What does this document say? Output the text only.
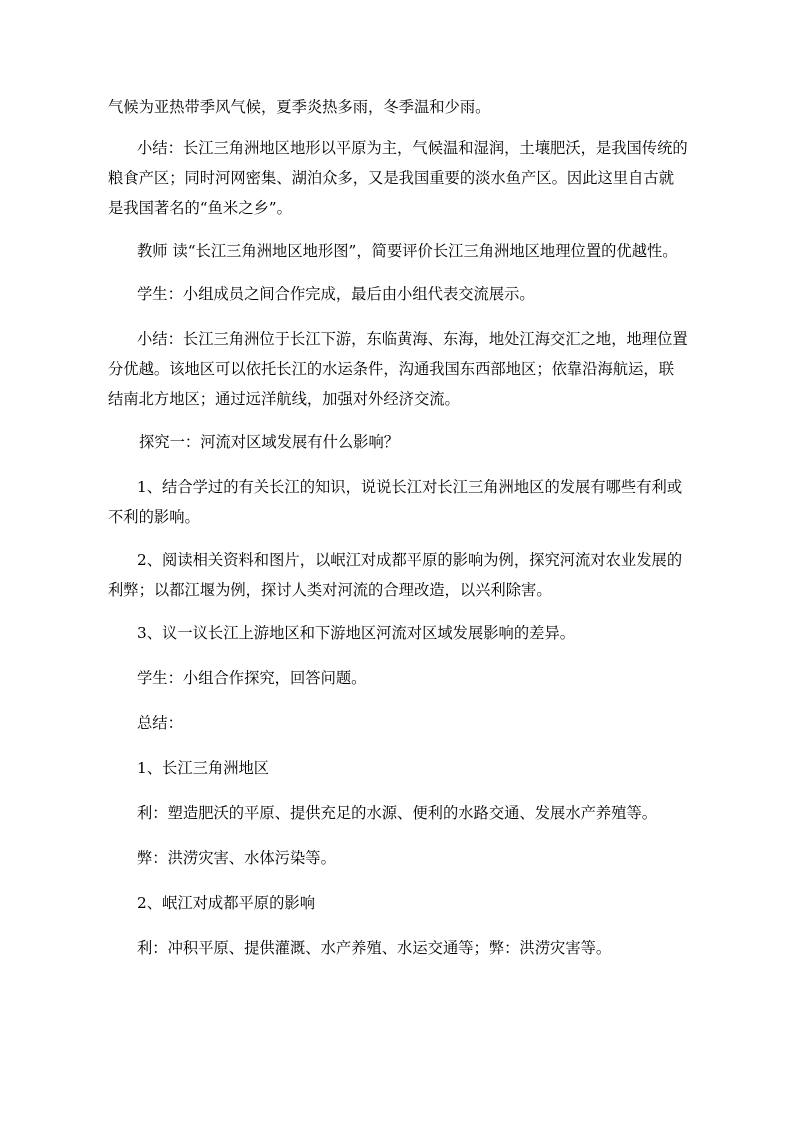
气候为亚热带季风气候，夏季炎热多雨，冬季温和少雨。

小结：长江三角洲地区地形以平原为主，气候温和湿润，土壤肥沃，是我国传统的粮食产区；同时河网密集、湖泊众多，又是我国重要的淡水鱼产区。因此这里自古就是我国著名的“鱼米之乡”。

教师 读“长江三角洲地区地形图”，简要评价长江三角洲地区地理位置的优越性。

学生：小组成员之间合作完成，最后由小组代表交流展示。

小结：长江三角洲位于长江下游，东临黄海、东海，地处江海交汇之地，地理位置分优越。该地区可以依托长江的水运条件，沟通我国东西部地区；依靠沿海航运，联结南北方地区；通过远洋航线，加强对外经济交流。

探究一：河流对区域发展有什么影响？

1、结合学过的有关长江的知识，说说长江对长江三角洲地区的发展有哪些有利或不利的影响。

2、阅读相关资料和图片，以岷江对成都平原的影响为例，探究河流对农业发展的利弊；以都江堰为例，探讨人类对河流的合理改造，以兴利除害。

3、议一议长江上游地区和下游地区河流对区域发展影响的差异。

学生：小组合作探究，回答问题。

总结：

1、长江三角洲地区

利：塑造肥沃的平原、提供充足的水源、便利的水路交通、发展水产养殖等。

弊：洪涝灾害、水体污染等。

2、岷江对成都平原的影响

利：冲积平原、提供灌溉、水产养殖、水运交通等；弊：洪涝灾害等。
